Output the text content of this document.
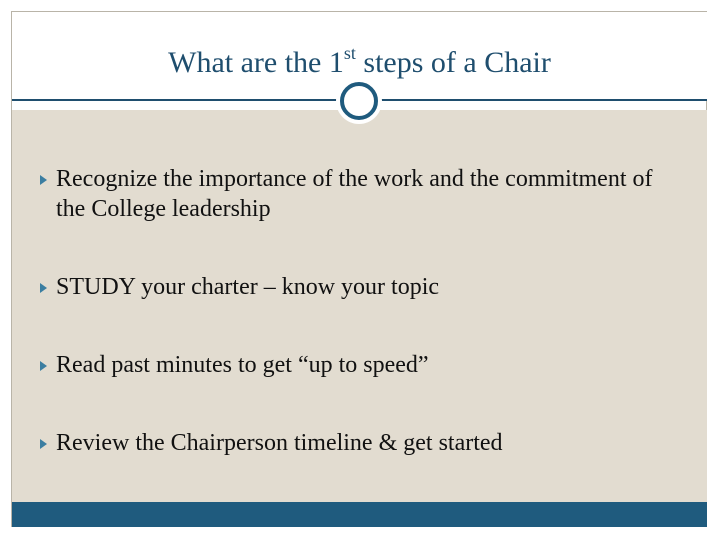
What are the 1st steps of a Chair
Recognize the importance of the work and the commitment of the College leadership
STUDY your charter – know your topic
Read past minutes to get “up to speed”
Review the Chairperson timeline & get started
